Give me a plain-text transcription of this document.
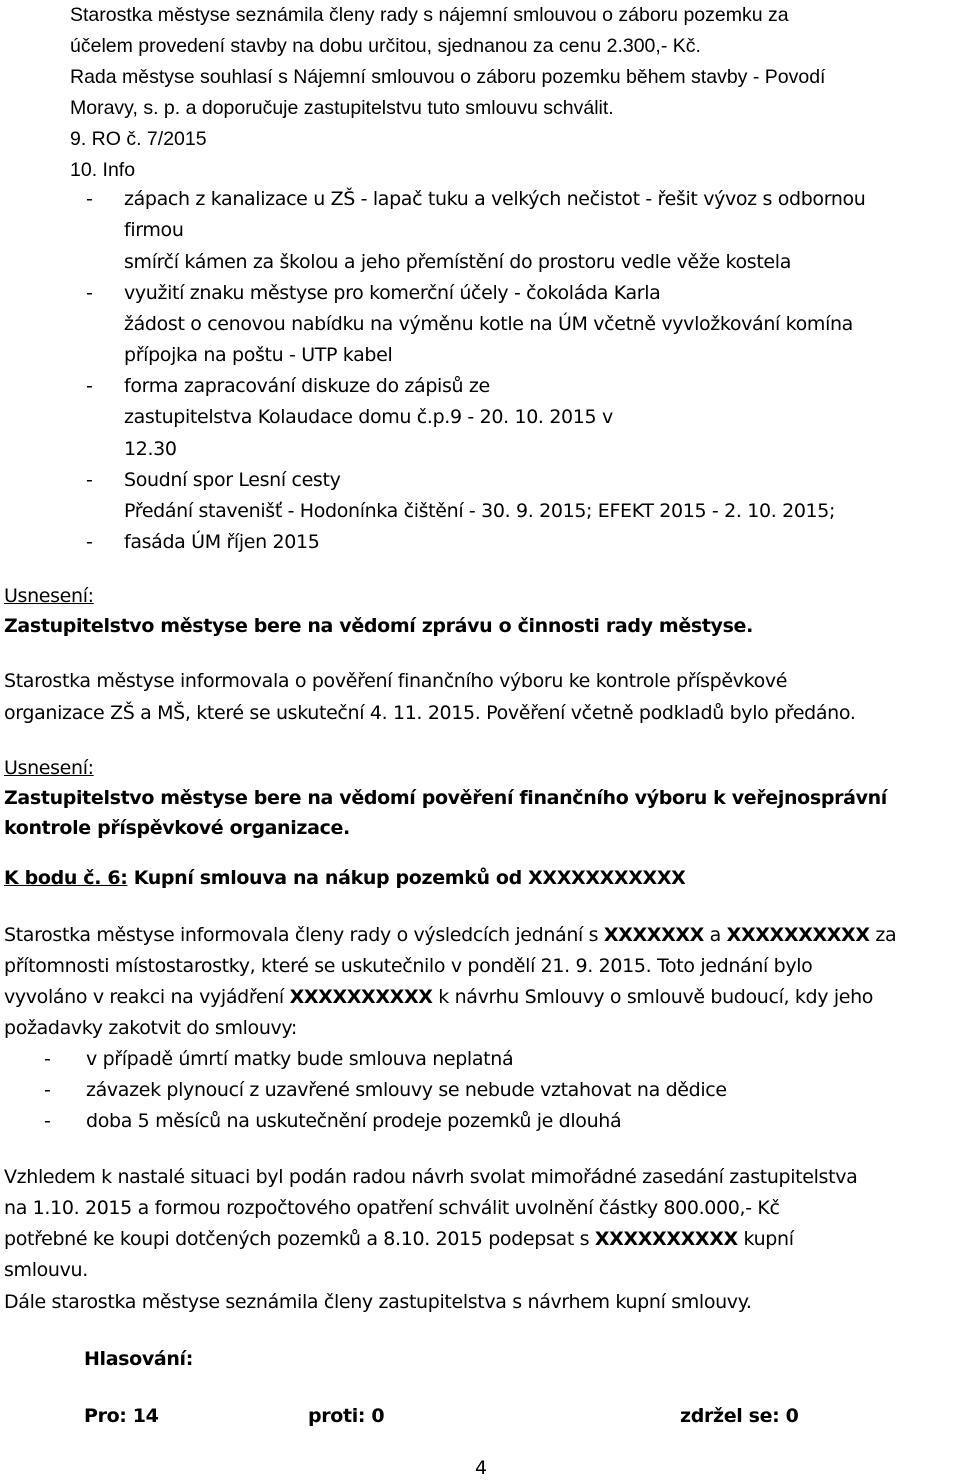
Starostka městyse seznámila členy rady s nájemní smlouvou o záboru pozemku za
účelem provedení stavby na dobu určitou, sjednanou za cenu 2.300,- Kč.
Rada městyse souhlasí s Nájemní smlouvou o záboru pozemku během stavby - Povodí
Moravy, s. p. a doporučuje zastupitelstvu tuto smlouvu schválit.
9. RO č. 7/2015
10. Info
- zápach z kanalizace u ZŠ - lapač tuku a velkých nečistot - řešit vývoz s odbornou
firmou
smírčí kámen za školou a jeho přemístění do prostoru vedle věže kostela
- využití znaku městyse pro komerční účely - čokoláda Karla
žádost o cenovou nabídku na výměnu kotle na ÚM včetně vyvložkování komína
přípojka na poštu - UTP kabel
- forma zapracování diskuze do zápisů ze
zastupitelstva Kolaudace domu č.p.9 - 20. 10. 2015 v
12.30
- Soudní spor Lesní cesty
Předání stavenišť - Hodonínka čištění - 30. 9. 2015; EFEKT 2015 - 2. 10. 2015;
- fasáda ÚM říjen 2015
Usnesení:
Zastupitelstvo městyse bere na vědomí zprávu o činnosti rady městyse.
Starostka městyse informovala o pověření finančního výboru ke kontrole příspěvkové
organizace ZŠ a MŠ, které se uskuteční 4. 11. 2015. Pověření včetně podkladů bylo předáno.
Usnesení:
Zastupitelstvo městyse bere na vědomí pověření finančního výboru k veřejnosprávní
kontrole příspěvkové organizace.
K bodu č. 6: Kupní smlouva na nákup pozemků od XXXXXXXXXXX
Starostka městyse informovala členy rady o výsledcích jednání s XXXXXXX a XXXXXXXXXX za
přítomnosti místostarostky, které se uskutečnilo v pondělí 21. 9. 2015. Toto jednání bylo
vyvoláno v reakci na vyjádření XXXXXXXXXX k návrhu Smlouvy o smlouvě budoucí, kdy jeho
požadavky zakotvit do smlouvy:
- v případě úmrtí matky bude smlouva neplatná
- závazek plynoucí z uzavřené smlouvy se nebude vztahovat na dědice
- doba 5 měsíců na uskutečnění prodeje pozemků je dlouhá
Vzhledem k nastalé situaci byl podán radou návrh svolat mimořádné zasedání zastupitelstva
na 1.10. 2015 a formou rozpočtového opatření schválit uvolnění částky 800.000,- Kč
potřebné ke koupi dotčených pozemků a 8.10. 2015 podepsat s XXXXXXXXXX kupní
smlouvu.
Dále starostka městyse seznámila členy zastupitelstva s návrhem kupní smlouvy.
Hlasování:
Pro: 14	proti: 0	zdržel se: 0
4
